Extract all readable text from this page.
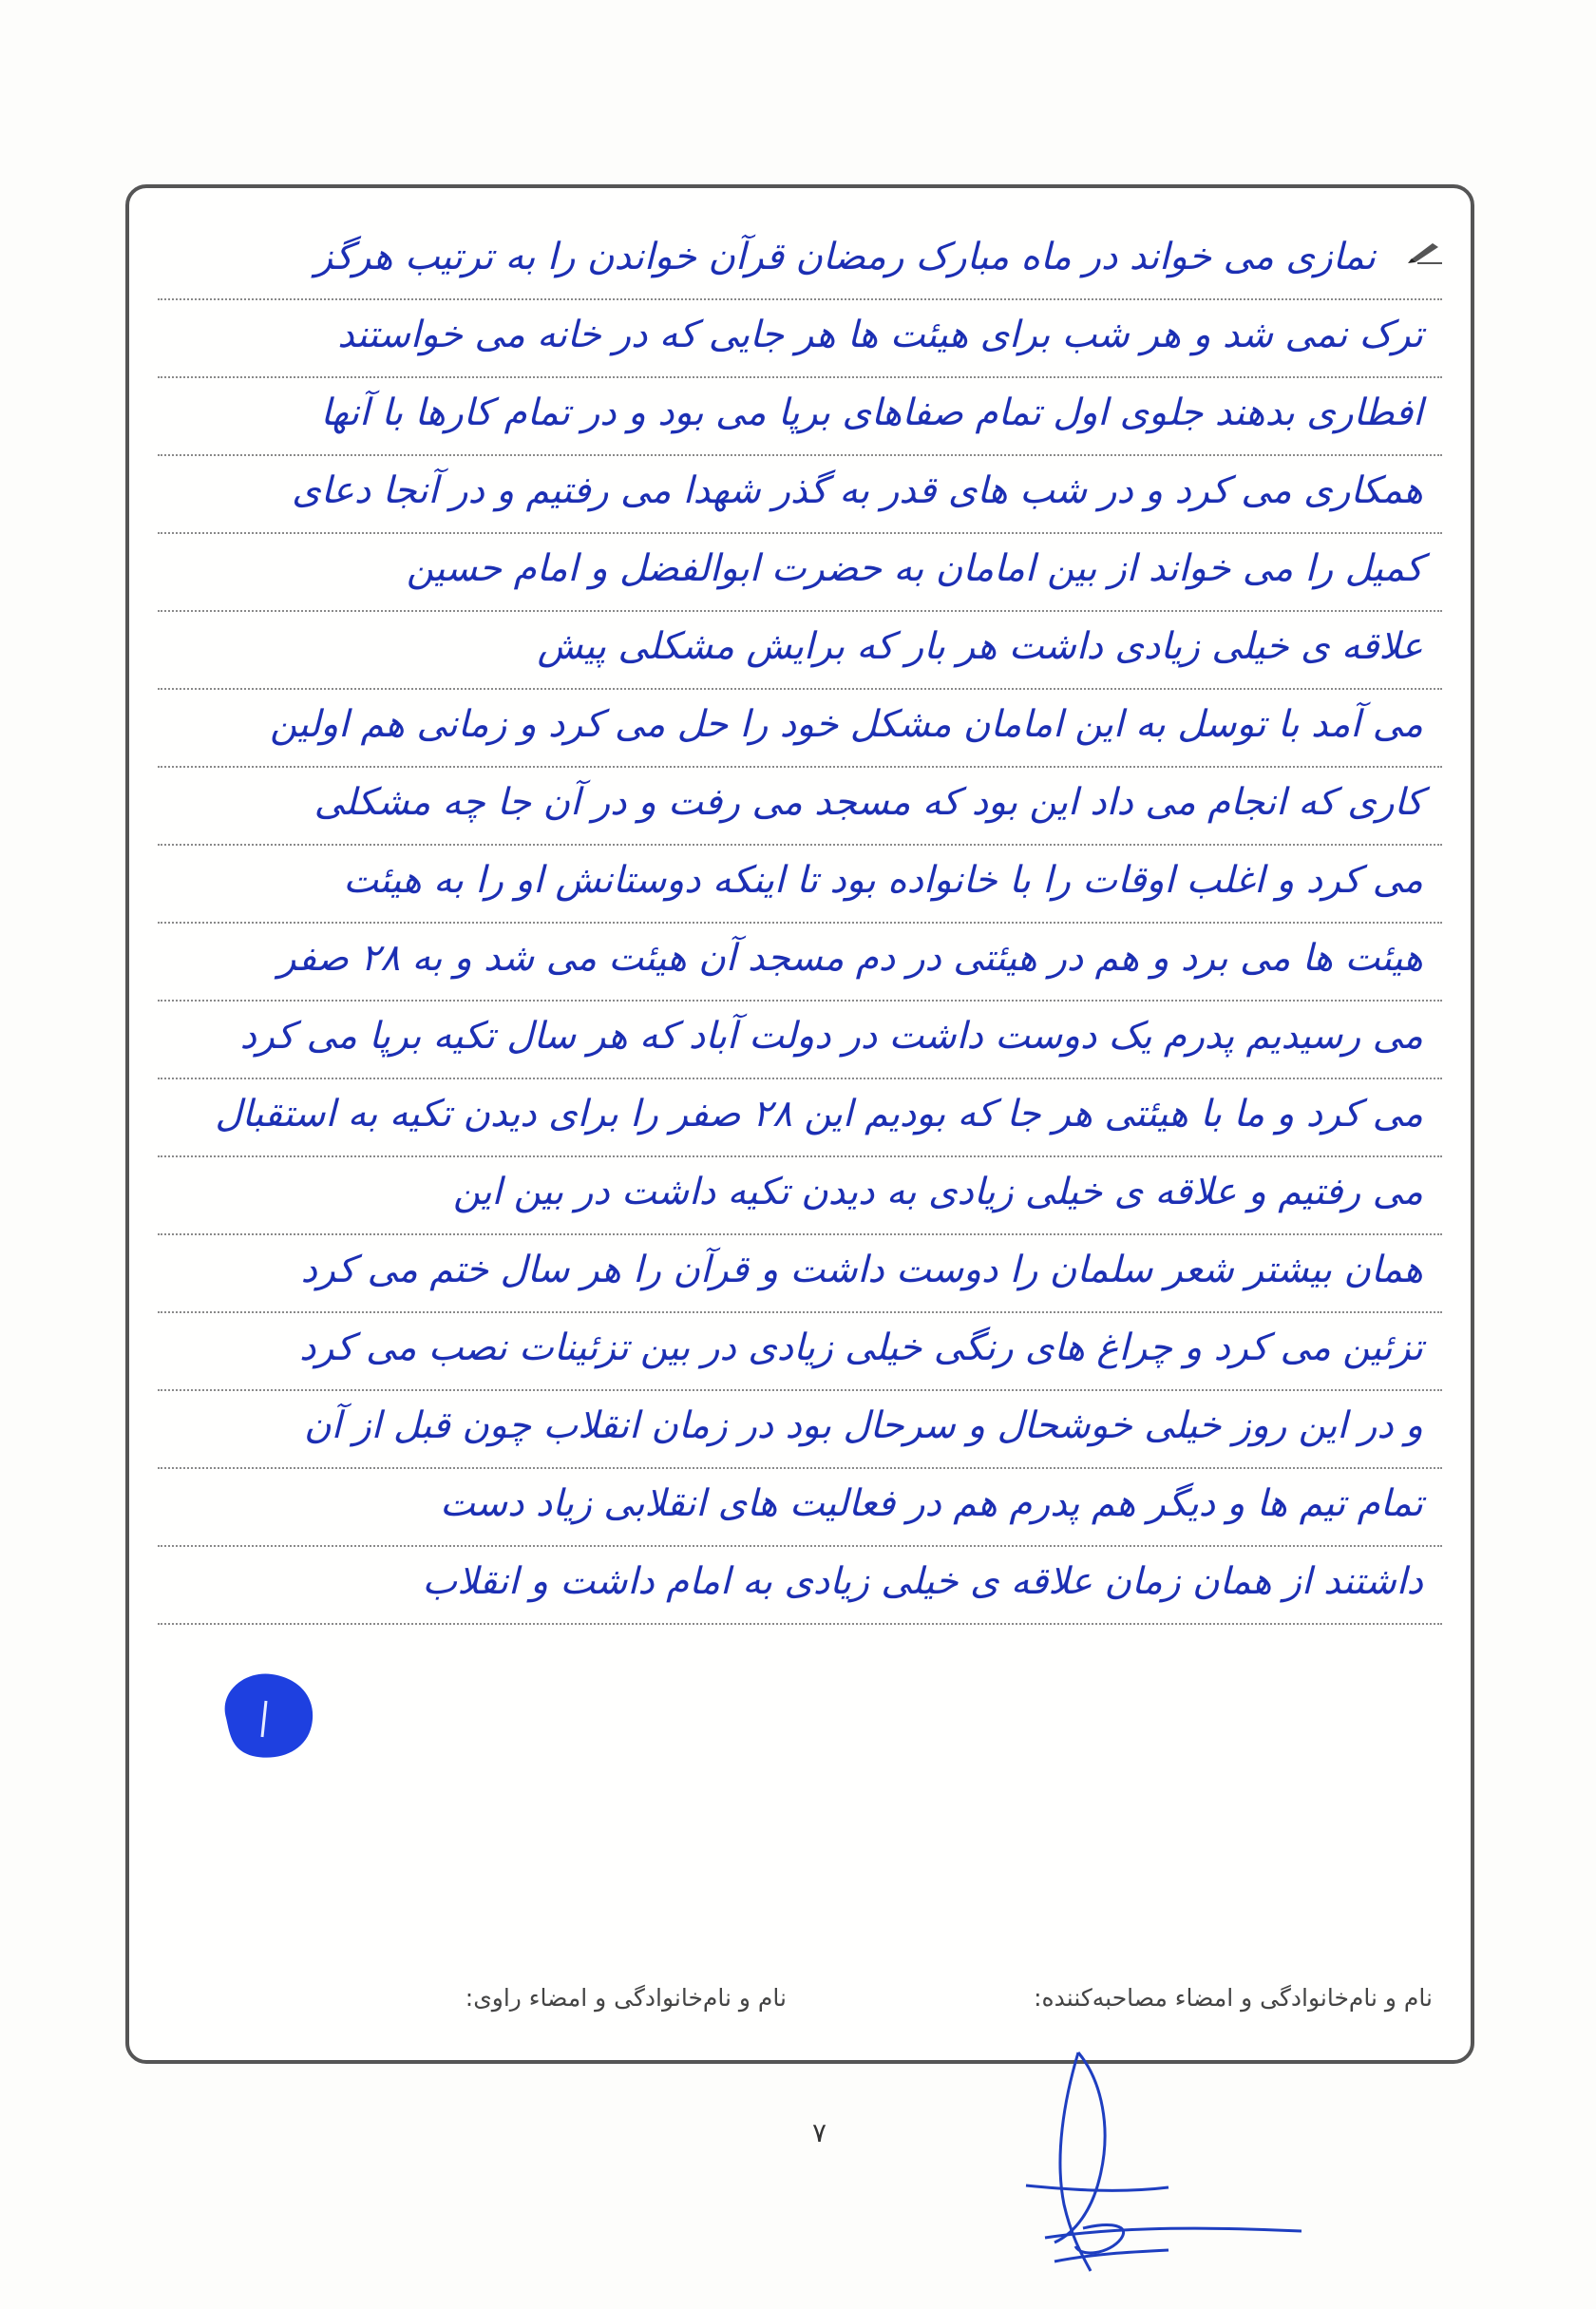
نمازی می خواند در ماه مبارک رمضان قرآن خواندن را به ترتیب هرگز
ترک نمی شد و هر شب برای هیئت ها هر جایی که در خانه می خواستند
افطاری بدهند جلوی اول تمام صفاهای برپا می بود و در تمام کارها با آنها
همکاری می کرد و در شب های قدر به گذر شهدا می رفتیم و در آنجا دعای
کمیل را می خواند از بین امامان به حضرت ابوالفضل و امام حسین
علاقه ی خیلی زیادی داشت هر بار که برایش مشکلی پیش
می آمد با توسل به این امامان مشکل خود را حل می کرد و زمانی هم اولین
کاری که انجام می داد این بود که مسجد می رفت و در آن جا چه مشکلی
می کرد و اغلب اوقات را با خانواده بود تا اینکه دوستانش او را به هیئت
هیئت ها می برد و هم در هیئتی در دم مسجد آن هیئت می شد و به ۲۸ صفر
می رسیدیم پدرم یک دوست داشت در دولت آباد که هر سال تکیه برپا می کرد
می کرد و ما با هیئتی هر جا که بودیم این ۲۸ صفر را برای دیدن تکیه به استقبال
می رفتیم و علاقه ی خیلی زیادی به دیدن تکیه داشت در بین این
همان بیشتر شعر سلمان را دوست داشت و قرآن را هر سال ختم می کرد
تزئین می کرد و چراغ های رنگی خیلی زیادی در بین تزئینات نصب می کرد
و در این روز خیلی خوشحال و سرحال بود در زمان انقلاب چون قبل از آن
تمام تیم ها و دیگر هم پدرم هم در فعالیت های انقلابی زیاد دست
داشتند از همان زمان علاقه ی خیلی زیادی به امام داشت و انقلاب
نام و نام‌خانوادگی و امضاء مصاحبه‌کننده:
نام و نام‌خانوادگی و امضاء راوی:
۷
